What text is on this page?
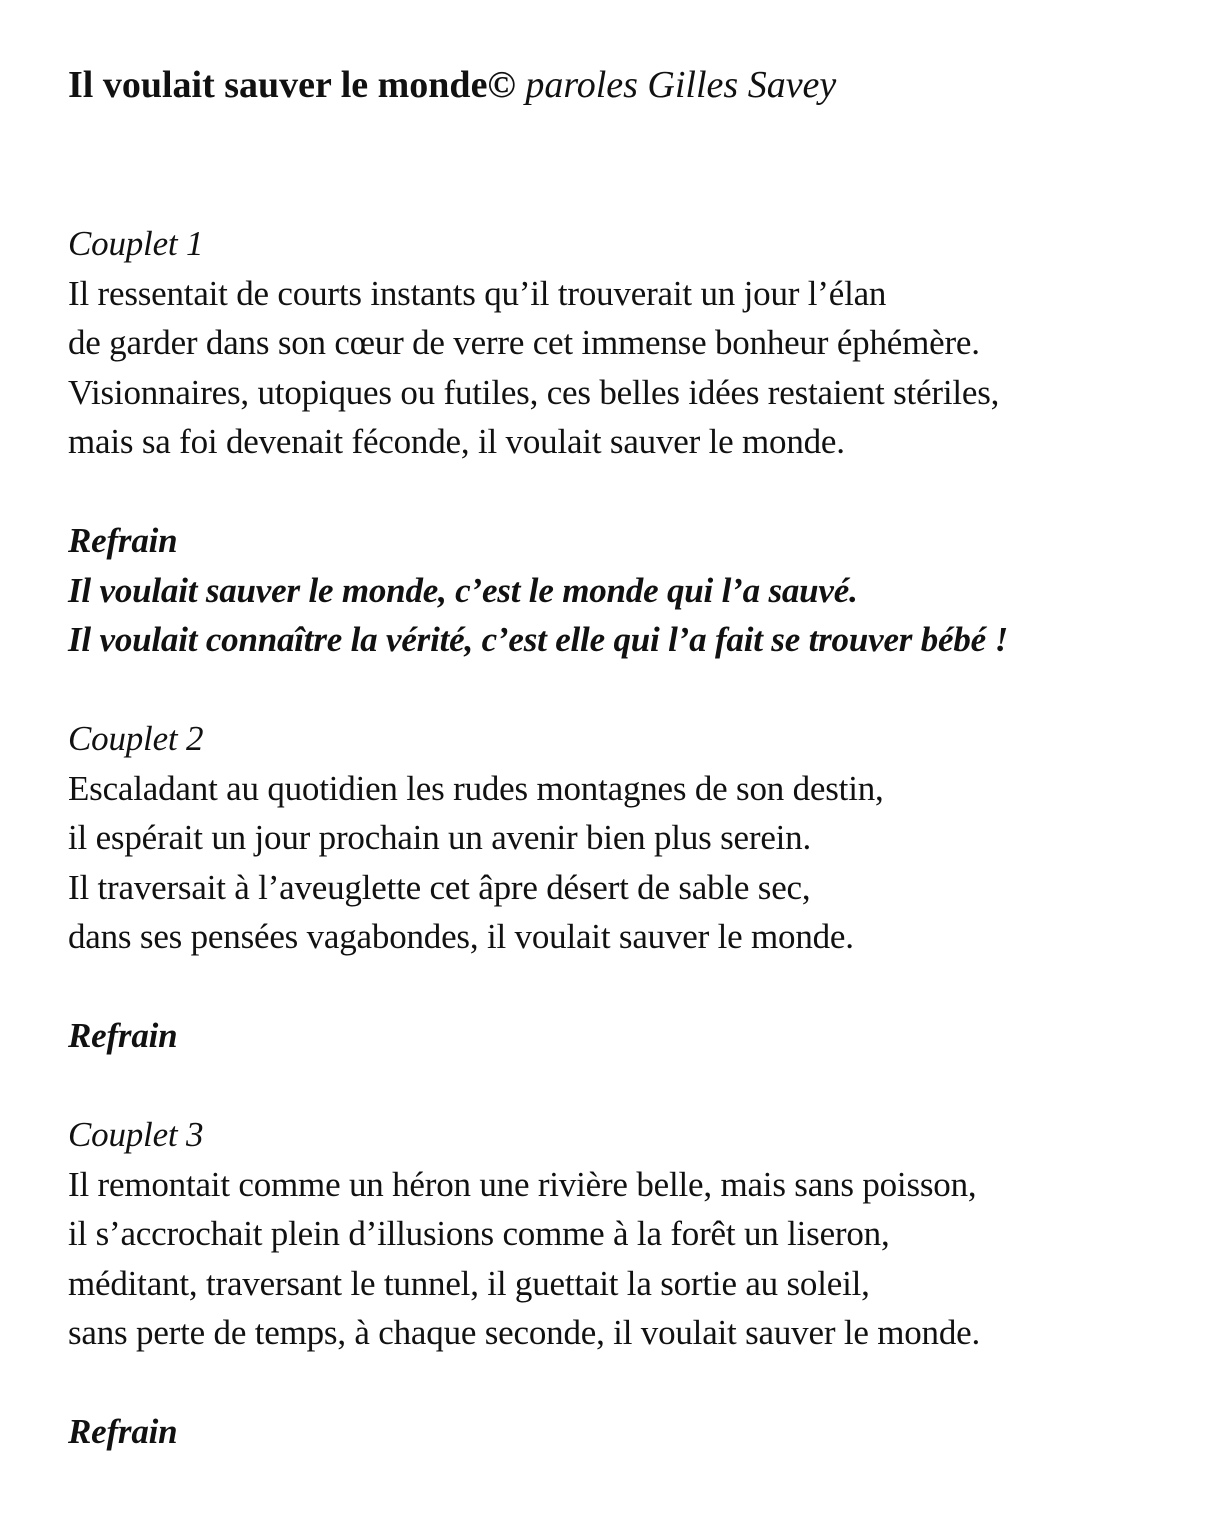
Il voulait sauver le monde© paroles Gilles Savey
Couplet 1
Il ressentait de courts instants qu’il trouverait un jour l’élan
de garder dans son cœur de verre cet immense bonheur éphémère.
Visionnaires, utopiques ou futiles, ces belles idées restaient stériles,
mais sa foi devenait féconde, il voulait sauver le monde.
Refrain
Il voulait sauver le monde, c’est le monde qui l’a sauvé.
Il voulait connaître la vérité, c’est elle qui l’a fait se trouver bébé !
Couplet 2
Escaladant au quotidien les rudes montagnes de son destin,
il espérait un jour prochain un avenir bien plus serein.
Il traversait à l’aveuglette cet âpre désert de sable sec,
dans ses pensées vagabondes, il voulait sauver le monde.
Refrain
Couplet 3
Il remontait comme un héron une rivière belle, mais sans poisson,
il s’accrochait plein d’illusions comme à la forêt un liseron,
méditant, traversant le tunnel, il guettait la sortie au soleil,
sans perte de temps, à chaque seconde, il voulait sauver le monde.
Refrain
